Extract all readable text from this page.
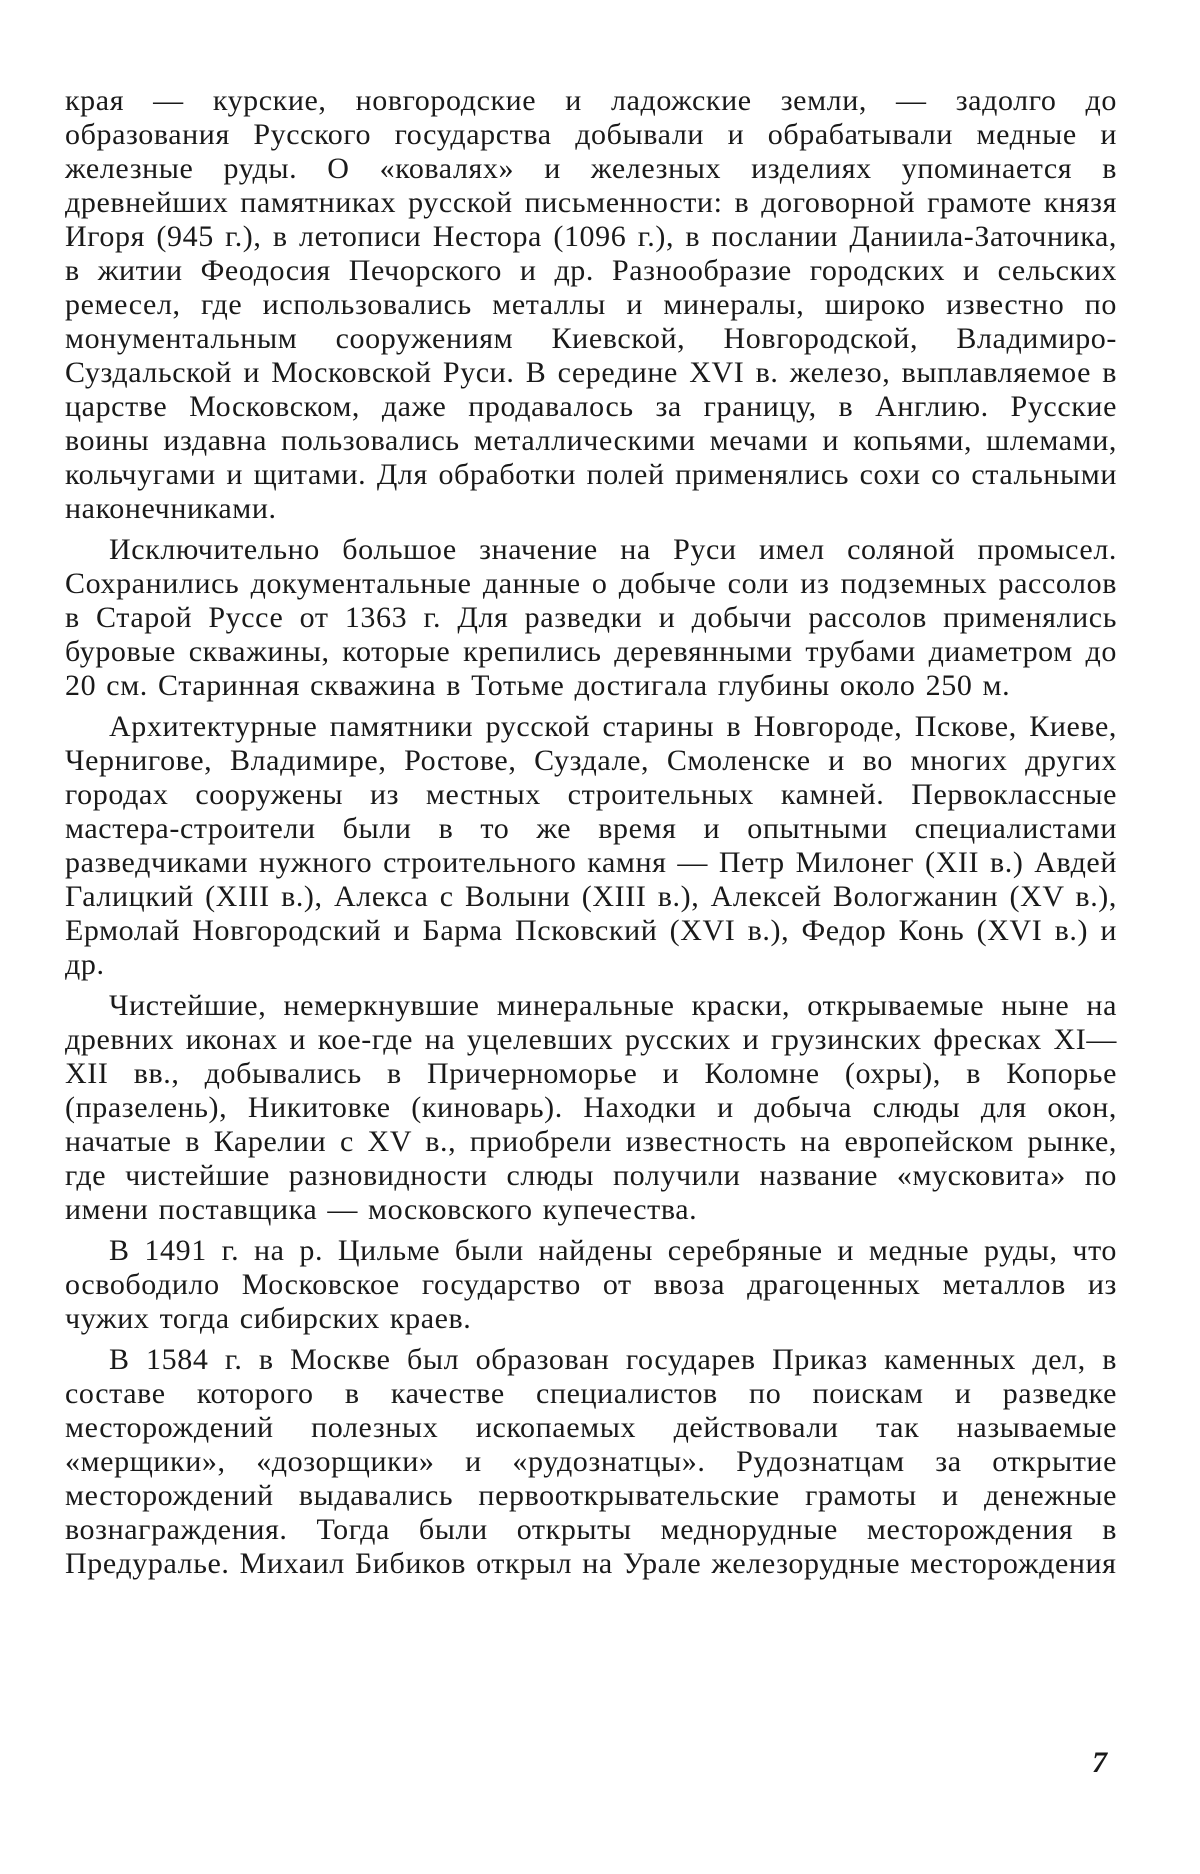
края — курские, новгородские и ладожские земли, — задолго до образования Русского государства добывали и обрабатывали медные и железные руды. О «ковалях» и железных изделиях упоминается в древнейших памятниках русской письменности: в договорной грамоте князя Игоря (945 г.), в летописи Нестора (1096 г.), в послании Даниила-Заточника, в житии Феодосия Печорского и др. Разнообразие городских и сельских ремесел, где использовались металлы и минералы, широко известно по монументальным сооружениям Киевской, Новгородской, Владимиро-Суздальской и Московской Руси. В середине XVI в. железо, выплавляемое в царстве Московском, даже продавалось за границу, в Англию. Русские воины издавна пользовались металлическими мечами и копьями, шлемами, кольчугами и щитами. Для обработки полей применялись сохи со стальными наконечниками.

Исключительно большое значение на Руси имел соляной промысел. Сохранились документальные данные о добыче соли из подземных рассолов в Старой Руссе от 1363 г. Для разведки и добычи рассолов применялись буровые скважины, которые крепились деревянными трубами диаметром до 20 см. Старинная скважина в Тотьме достигала глубины около 250 м.

Архитектурные памятники русской старины в Новгороде, Пскове, Киеве, Чернигове, Владимире, Ростове, Суздале, Смоленске и во многих других городах сооружены из местных строительных камней. Первоклассные мастера-строители были в то же время и опытными специалистами разведчиками нужного строительного камня — Петр Милонег (XII в.) Авдей Галицкий (XIII в.), Алекса с Волыни (XIII в.), Алексей Вологжанин (XV в.), Ермолай Новгородский и Барма Псковский (XVI в.), Федор Конь (XVI в.) и др.

Чистейшие, немеркнувшие минеральные краски, открываемые ныне на древних иконах и кое-где на уцелевших русских и грузинских фресках XI—XII вв., добывались в Причерноморье и Коломне (охры), в Копорье (празелень), Никитовке (киноварь). Находки и добыча слюды для окон, начатые в Карелии с XV в., приобрели известность на европейском рынке, где чистейшие разновидности слюды получили название «мусковита» по имени поставщика — московского купечества.

В 1491 г. на р. Цильме были найдены серебряные и медные руды, что освободило Московское государство от ввоза драгоценных металлов из чужих тогда сибирских краев.

В 1584 г. в Москве был образован государев Приказ каменных дел, в составе которого в качестве специалистов по поискам и разведке месторождений полезных ископаемых действовали так называемые «мерщики», «дозорщики» и «рудознатцы». Рудознатцам за открытие месторождений выдавались первооткрывательские грамоты и денежные вознаграждения. Тогда были открыты меднорудные месторождения в Предуралье. Михаил Бибиков открыл на Урале железорудные месторождения

7
